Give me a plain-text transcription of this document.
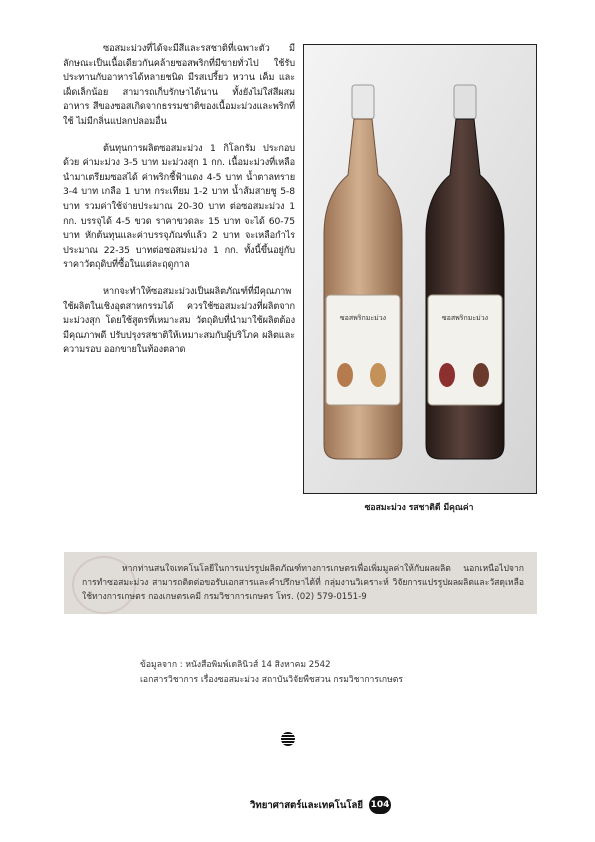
ซอสมะม่วงที่ได้จะมีสีและรสชาติที่เฉพาะตัว มีลักษณะเป็นเนื้อเดียวกันคล้ายซอสพริกที่มีขายทั่วไป ใช้รับประทานกับอาหารได้หลายชนิด มีรสเปรี้ยว หวาน เค็ม และเผ็ดเล็กน้อย สามารถเก็บรักษาได้นาน ทั้งยังไม่ใส่สีผสมอาหาร สีของซอสเกิดจากธรรมชาติของเนื้อมะม่วงและพริกที่ใช้ ไม่มีกลิ่นแปลกปลอมอื่น

ต้นทุนการผลิตซอสมะม่วง 1 กิโลกรัม ประกอบด้วย ค่ามะม่วง 3-5 บาท มะม่วงสุก 1 กก. เนื้อมะม่วงที่เหลือนำมาเตรียมซอสได้ ค่าพริกชี้ฟ้าแดง 4-5 บาท น้ำตาลทราย 3-4 บาท เกลือ 1 บาท กระเทียม 1-2 บาท น้ำส้มสายชู 5-8 บาท รวมค่าใช้จ่ายประมาณ 20-30 บาท ต่อซอสมะม่วง 1 กก. บรรจุได้ 4-5 ขวด ราคาขวดละ 15 บาท จะได้ 60-75 บาท หักต้นทุนและค่าบรรจุภัณฑ์แล้ว 2 บาท จะเหลือกำไรประมาณ 22-35 บาทต่อซอสมะม่วง 1 กก. ทั้งนี้ขึ้นอยู่กับราคาวัตถุดิบที่ซื้อในแต่ละฤดูกาล

หากจะทำให้ซอสมะม่วงเป็นผลิตภัณฑ์ที่มีคุณภาพ ใช้ผลิตในเชิงอุตสาหกรรมได้ ควรใช้ซอสมะม่วงที่ผลิตจากมะม่วงสุก โดยใช้สูตรที่เหมาะสม วัตถุดิบที่นำมาใช้ผลิตต้องมีคุณภาพดี ปรับปรุงรสชาติให้เหมาะสมกับผู้บริโภค ผลิตและความรอบ ออกขายในท้องตลาด

ซอสพริกมะม่วง	ซอสพริกมะม่วง
ซอสมะม่วง รสชาติดี มีคุณค่า
หากท่านสนใจเทคโนโลยีในการแปรรูปผลิตภัณฑ์ทางการเกษตรเพื่อเพิ่มมูลค่าให้กับผลผลิต นอกเหนือไปจากการทำซอสมะม่วง สามารถติดต่อขอรับเอกสารและคำปรึกษาได้ที่ กลุ่มงานวิเคราะห์ วิจัยการแปรรูปผลผลิตและวัสดุเหลือใช้ทางการเกษตร กองเกษตรเคมี กรมวิชาการเกษตร โทร. (02) 579-0151-9
ข้อมูลจาก : หนังสือพิมพ์เดลินิวส์ 14 สิงหาคม 2542
เอกสารวิชาการ เรื่องซอสมะม่วง สถาบันวิจัยพืชสวน กรมวิชาการเกษตร
วิทยาศาสตร์และเทคโนโลยี 104
